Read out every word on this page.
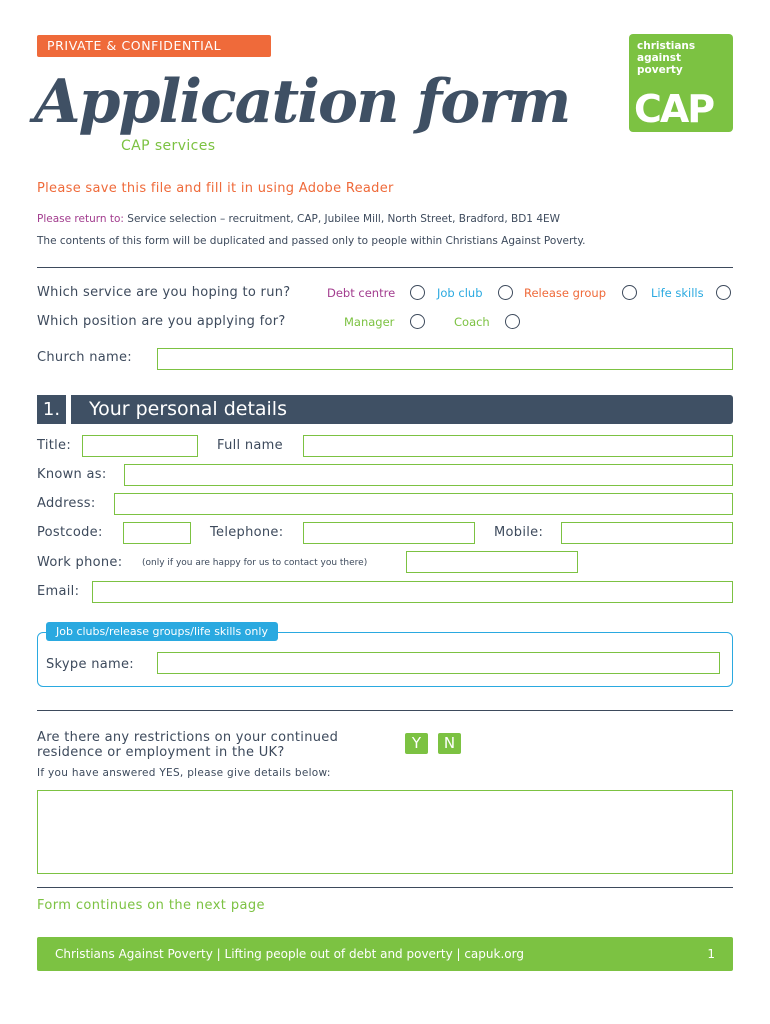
PRIVATE & CONFIDENTIAL
Application form
CAP services
christians
against
poverty
CAP
Please save this file and fill it in using Adobe Reader
Please return to: Service selection – recruitment, CAP, Jubilee Mill, North Street, Bradford, BD1 4EW
The contents of this form will be duplicated and passed only to people within Christians Against Poverty.
Which service are you hoping to run?	Debt centre	Job club	Release group	Life skills
Which position are you applying for?	Manager	Coach
Church name:
1.	Your personal details
Title:	Full name
Known as:
Address:
Postcode:	Telephone:	Mobile:
Work phone: (only if you are happy for us to contact you there)
Email:
Job clubs/release groups/life skills only
Skype name:
Are there any restrictions on your continued
residence or employment in the UK?
Y	N
If you have answered YES, please give details below:
Form continues on the next page
Christians Against Poverty | Lifting people out of debt and poverty | capuk.org	1
